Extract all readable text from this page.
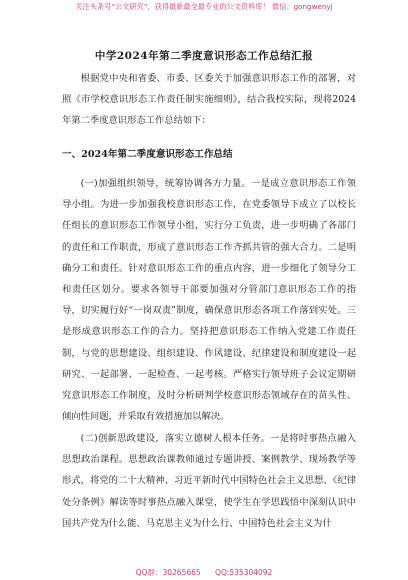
关注头条号“公文研究”，获得最新最全最专业的公文资料库！ 微信：gongwenyj
中学2024年第二季度意识形态工作总结汇报

根据党中央和省委、市委、区委关于加强意识形态工作的部署，对照《市学校意识形态工作责任制实施细则》，结合我校实际，现将2024年第二季度意识形态工作总结如下：

一、2024年第二季度意识形态工作总结

(一)加强组织领导，统筹协调各方力量。一是成立意识形态工作领导小组。为进一步加强我校意识形态工作，在党委领导下成立了以校长任组长的意识形态工作领导小组，实行分工负责，进一步明确了各部门的责任和工作职责，形成了意识形态工作齐抓共管的强大合力。二是明确分工和责任。针对意识形态工作的重点内容，进一步细化了领导分工和责任区划分。要求各领导干部要加强对分管部门意识形态工作的指导，切实履行好“一岗双责”制度，确保意识形态各项工作落到实处。三是形成意识形态工作的合力。坚持把意识形态工作纳入党建工作责任制，与党的思想建设、组织建设、作风建设、纪律建设和制度建设一起研究、一起部署、一起检查、一起考核。严格实行领导班子会议定期研究意识形态工作制度，及时分析研判学校意识形态领域存在的苗头性、倾向性问题，并采取有效措施加以解决。

(二)创新思政建设，落实立德树人根本任务。一是将时事热点融入思想政治课程。思想政治课教师通过专题讲授、案例教学、现场教学等形式，将党的二十大精神、习近平新时代中国特色社会主义思想、《纪律处分条例》解读等时事热点融入课堂，使学生在学思践悟中深刻认识中国共产党为什么能、马克思主义为什么行、中国特色社会主义为什

QQ群：30265665 QQ:535304092
